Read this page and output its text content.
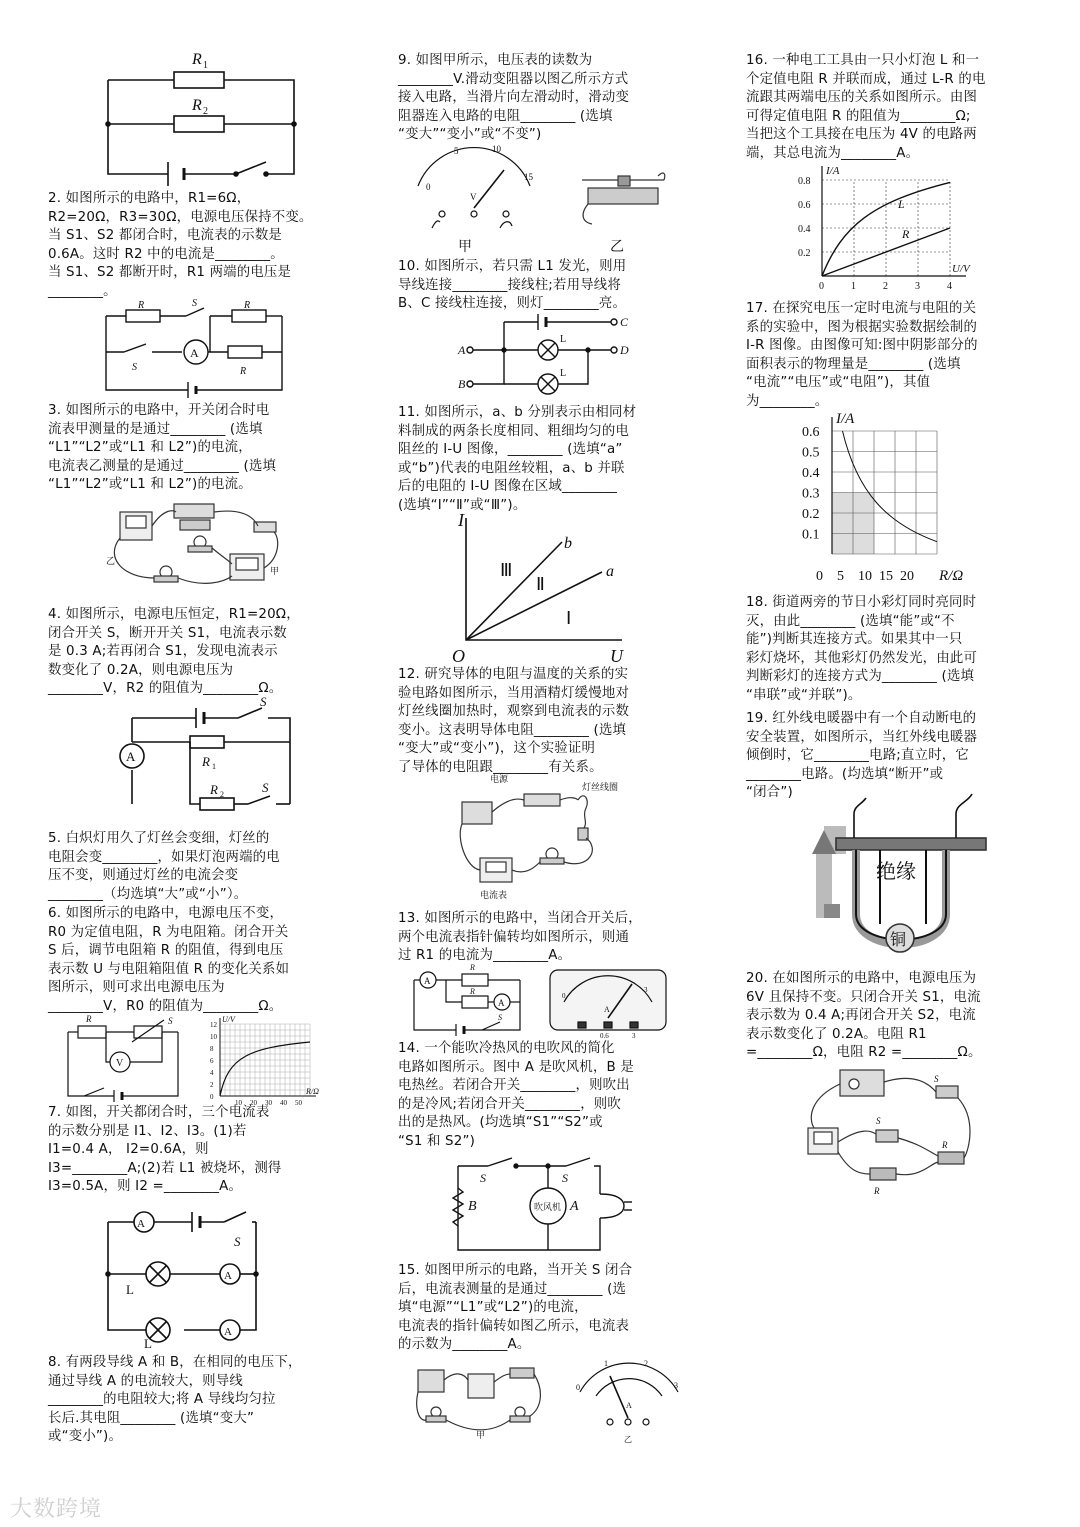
R 1
R 2
2. 如图所示的电路中，R1=6Ω，
R2=20Ω，R3=30Ω，电源电压保持不变。
当 S1、S2 都闭合时，电流表的示数是
0.6A。这时 R2 中的电流是________。
当 S1、S2 都断开时，R1 两端的电压是
________。
A
R	S	R
S	R
3. 如图所示的电路中，开关闭合时电
流表甲测量的是通过________ (选填
“L1”“L2”或“L1 和 L2”)的电流，
电流表乙测量的是通过________ (选填
“L1”“L2”或“L1 和 L2”)的电流。
乙
甲
4. 如图所示，电源电压恒定，R1=20Ω，
闭合开关 S，断开开关 S1，电流表示数
是 0.3 A;若再闭合 S1，发现电流表示
数变化了 0.2A，则电源电压为
________V，R2 的阻值为________Ω。
A
S
R 1
R 2	S
5. 白炽灯用久了灯丝会变细，灯丝的
电阻会变________，如果灯泡两端的电
压不变，则通过灯丝的电流会变
________（均选填“大”或“小”）。
6. 如图所示的电路中，电源电压不变，
R0 为定值电阻，R 为电阻箱。闭合开关
S 后，调节电阻箱 R 的阻值，得到电压
表示数 U 与电阻箱阻值 R 的变化关系如
图所示，则可求出电源电压为
________V，R0 的阻值为________Ω。
V
R	S
0
2
4
6
8
10
12
10 20 30 40 50
U/V
R/Ω
7. 如图，开关都闭合时，三个电流表
的示数分别是 I1、I2、I3。(1)若
I1=0.4 A， I2=0.6A，则
I3=________A;(2)若 L1 被烧坏，测得
I3=0.5A，则 I2 =________A。
A
A
A
S
L
L
8. 有两段导线 A 和 B，在相同的电压下，
通过导线 A 的电流较大，则导线
________的电阻较大;将 A 导线均匀拉
长后.其电阻________ (选填“变大”
或“变小”)。
9. 如图甲所示，电压表的读数为
________V.滑动变阻器以图乙所示方式
接入电路，当滑片向左滑动时，滑动变
阻器连入电路的电阻________ (选填
“变大”“变小”或“不变”)
0
5	10
15
V
甲	乙
10. 如图所示，若只需 L1 发光，则用
导线连接________接线柱;若用导线将
B、C 接线柱连接，则灯________亮。
A
B
C
D
L
L
11. 如图所示，a、b 分别表示由相同材
料制成的两条长度相同、粗细均匀的电
阻丝的 I-U 图像，________ (选填“a”
或“b”)代表的电阻丝较粗，a、b 并联
后的电阻的 I-U 图像在区域________
(选填“Ⅰ”“Ⅱ”或“Ⅲ”)。
I
U
O
a
b
Ⅲ
Ⅱ
Ⅰ
12. 研究导体的电阻与温度的关系的实
验电路如图所示，当用酒精灯缓慢地对
灯丝线圈加热时，观察到电流表的示数
变小。这表明导体电阻________ (选填
“变大”或“变小”)，这个实验证明
了导体的电阻跟________有关系。
电源
灯丝线圈
电流表
13. 如图所示的电路中，当闭合开关后，
两个电流表指针偏转均如图所示，则通
过 R1 的电流为________A。
A
A
R
R
S
0
3
A
0.6	3
14. 一个能吹冷热风的电吹风的简化
电路如图所示。图中 A 是吹风机，B 是
电热丝。若闭合开关________，则吹出
的是冷风;若闭合开关________，则吹
出的是热风。(均选填“S1”“S2”或
“S1 和 S2”)
吹风机 A
B
S	S
15. 如图甲所示的电路，当开关 S 闭合
后，电流表测量的是通过________ (选
填“电源”“L1”或“L2”)的电流，
电流表的指针偏转如图乙所示，电流表
的示数为________A。
甲
0
1	2
3
A
乙
16. 一种电工工具由一只小灯泡 L 和一
个定值电阻 R 并联而成，通过 L-R 的电
流跟其两端电压的关系如图所示。由图
可得定值电阻 R 的阻值为________Ω;
当把这个工具接在电压为 4V 的电路两
端，其总电流为________A。
0.2
0.4
0.6
0.8
0	1	2	3	4
I/A
U/V
L
R
17. 在探究电压一定时电流与电阻的关
系的实验中，图为根据实验数据绘制的
I-R 图像。由图像可知:图中阴影部分的
面积表示的物理量是________ (选填
“电流”“电压”或“电阻”)，其值
为________。
0.1
0.2
0.3
0.4
0.5
0.6
0 5 10 15 20
I/A
R/Ω
18. 街道两旁的节日小彩灯同时亮同时
灭，由此________ (选填“能”或“不
能”)判断其连接方式。如果其中一只
彩灯烧坏，其他彩灯仍然发光，由此可
判断彩灯的连接方式为________ (选填
“串联”或“并联”)。
19. 红外线电暖器中有一个自动断电的
安全装置，如图所示，当红外线电暖器
倾倒时，它________电路;直立时，它
________电路。(均选填“断开”或
“闭合”)
绝缘
铜
20. 在如图所示的电路中，电源电压为
6V 且保持不变。只闭合开关 S1，电流
表示数为 0.4 A;再闭合开关 S2，电流
表示数变化了 0.2A。电阻 R1
=________Ω，电阻 R2 =________Ω。
S
S
R
R
大数跨境
